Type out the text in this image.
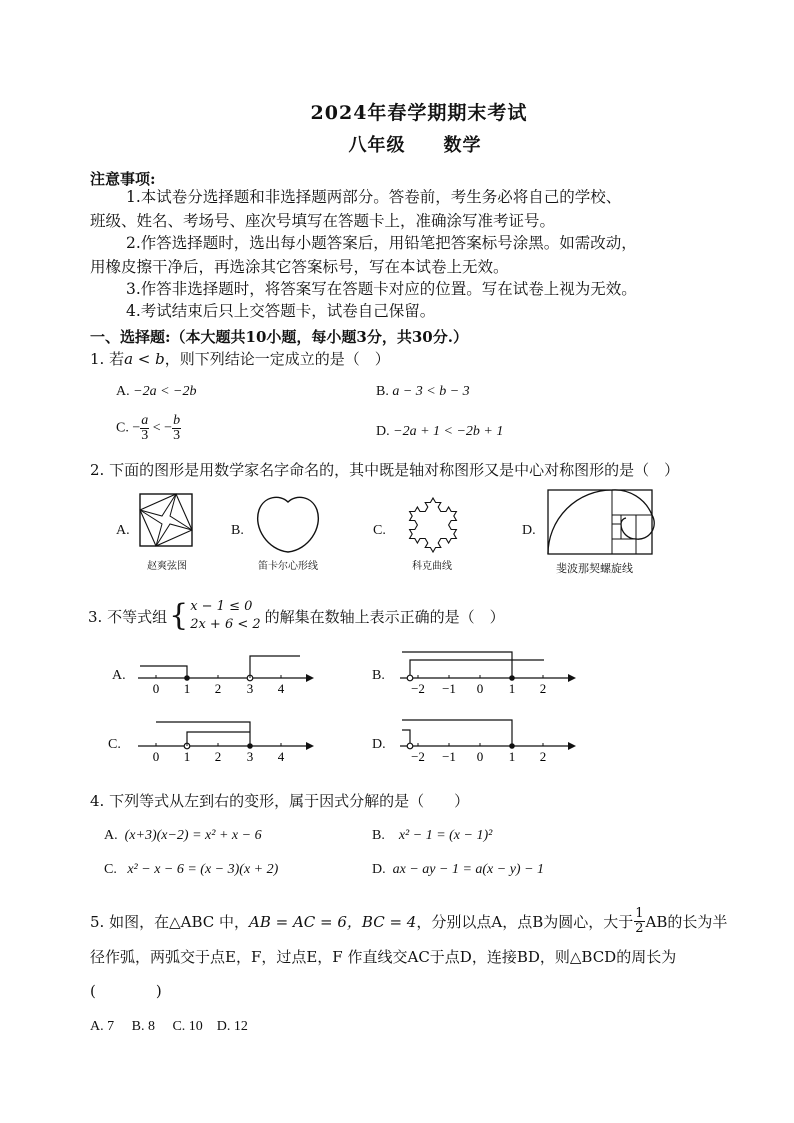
2024年春学期期末考试
八年级　　数学
注意事项:
1.本试卷分选择题和非选择题两部分。答卷前，考生务必将自己的学校、
班级、姓名、考场号、座次号填写在答题卡上，准确涂写准考证号。
2.作答选择题时，选出每小题答案后，用铅笔把答案标号涂黑。如需改动，
用橡皮擦干净后，再选涂其它答案标号，写在本试卷上无效。
3.作答非选择题时，将答案写在答题卡对应的位置。写在试卷上视为无效。
4.考试结束后只上交答题卡，试卷自己保留。
一、选择题:（本大题共10小题，每小题3分，共30分.）
1. 若a < b，则下列结论一定成立的是（　）
A. −2a < −2b	B. a − 3 < b − 3
C. − $\frac{a}{3}$ < − $\frac{b}{3}$	D. −2a + 1 < −2b + 1
2. 下面的图形是用数学家名字命名的，其中既是轴对称图形又是中心对称图形的是（　）
A.
赵爽弦图
B.
笛卡尔心形线
C.
科克曲线
D.
斐波那契螺旋线
3. 不等式组 { x − 1 ≤ 0
2x + 6 < 2 的解集在数轴上表示正确的是（　）
A.
0 1 2 3 4
B.
−2 −1 0 1 2
C.
0 1 2 3 4
D.
−2 −1 0 1 2
4. 下列等式从左到右的变形，属于因式分解的是（　　）
A. (x+3)(x−2) = x² + x − 6	B. x² − 1 = (x − 1)²
C. x² − x − 6 = (x − 3)(x + 2)	D. ax − ay − 1 = a(x − y) − 1
5. 如图，在△ABC 中， AB = AC = 6，BC = 4 ，分别以点A，点B为圆心，大于 $\frac{1}{2}$ AB的长为半
径作弧，两弧交于点E，F，过点E，F 作直线交AC于点D，连接BD，则△BCD的周长为
(　　　　)
A. 7　 B. 8　 C. 10　D. 12
